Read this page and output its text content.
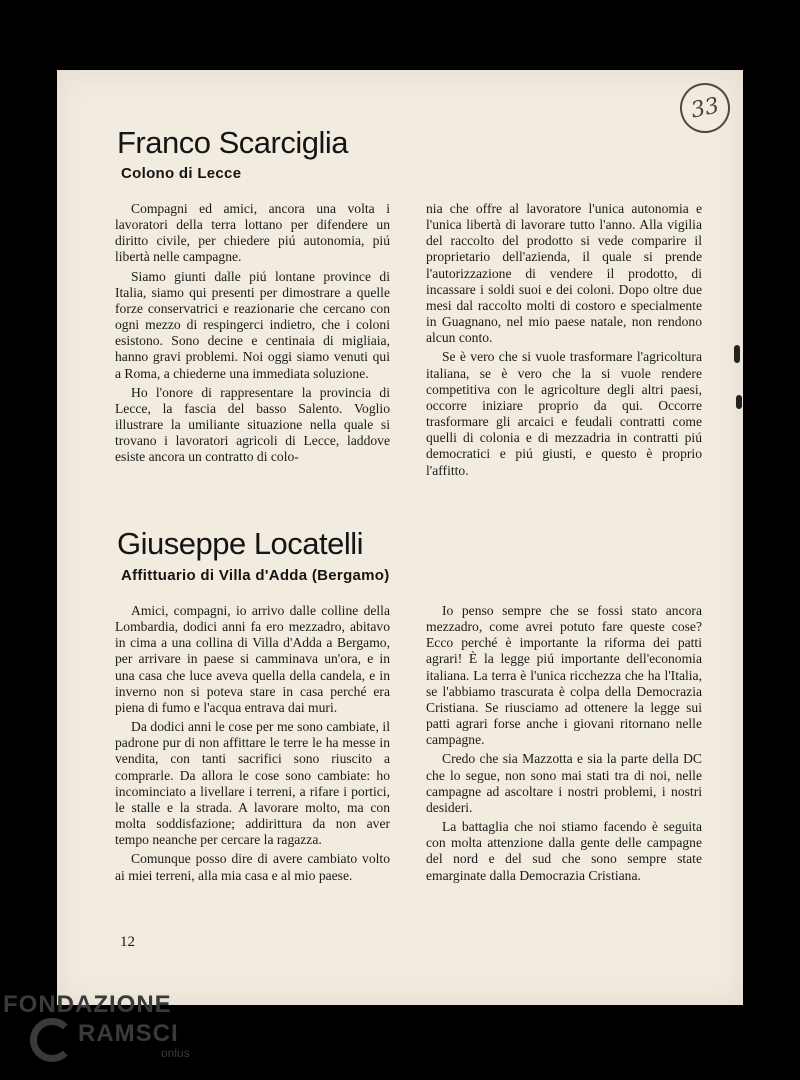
33
Franco Scarciglia
Colono di Lecce

Compagni ed amici, ancora una volta i lavoratori della terra lottano per difendere un diritto civile, per chiedere piú autonomia, piú libertà nelle campagne.

Siamo giunti dalle piú lontane province di Italia, siamo qui presenti per dimostrare a quelle forze conservatrici e reazionarie che cercano con ogni mezzo di respingerci indietro, che i coloni esistono. Sono decine e centinaia di migliaia, hanno gravi problemi. Noi oggi siamo venuti qui a Roma, a chiederne una immediata soluzione.

Ho l'onore di rappresentare la provincia di Lecce, la fascia del basso Salento. Voglio illustrare la umiliante situazione nella quale si trovano i lavoratori agricoli di Lecce, laddove esiste ancora un contratto di colo-

nia che offre al lavoratore l'unica autonomia e l'unica libertà di lavorare tutto l'anno. Alla vigilia del raccolto del prodotto si vede comparire il proprietario dell'azienda, il quale si prende l'autorizzazione di vendere il prodotto, di incassare i soldi suoi e dei coloni. Dopo oltre due mesi dal raccolto molti di costoro e specialmente in Guagnano, nel mio paese natale, non rendono alcun conto.

Se è vero che si vuole trasformare l'agricoltura italiana, se è vero che la si vuole rendere competitiva con le agricolture degli altri paesi, occorre iniziare proprio da qui. Occorre trasformare gli arcaici e feudali contratti come quelli di colonia e di mezzadria in contratti piú democratici e piú giusti, e questo è proprio l'affitto.

Giuseppe Locatelli
Affittuario di Villa d'Adda (Bergamo)

Amici, compagni, io arrivo dalle colline della Lombardia, dodici anni fa ero mezzadro, abitavo in cima a una collina di Villa d'Adda a Bergamo, per arrivare in paese si camminava un'ora, e in una casa che luce aveva quella della candela, e in inverno non si poteva stare in casa perché era piena di fumo e l'acqua entrava dai muri.

Da dodici anni le cose per me sono cambiate, il padrone pur di non affittare le terre le ha messe in vendita, con tanti sacrifici sono riuscito a comprarle. Da allora le cose sono cambiate: ho incominciato a livellare i terreni, a rifare i portici, le stalle e la strada. A lavorare molto, ma con molta soddisfazione; addirittura da non aver tempo neanche per cercare la ragazza.

Comunque posso dire di avere cambiato volto ai miei terreni, alla mia casa e al mio paese.

Io penso sempre che se fossi stato ancora mezzadro, come avrei potuto fare queste cose? Ecco perché è importante la riforma dei patti agrari! È la legge piú importante dell'economia italiana. La terra è l'unica ricchezza che ha l'Italia, se l'abbiamo trascurata è colpa della Democrazia Cristiana. Se riusciamo ad ottenere la legge sui patti agrari forse anche i giovani ritornano nelle campagne.

Credo che sia Mazzotta e sia la parte della DC che lo segue, non sono mai stati tra di noi, nelle campagne ad ascoltare i nostri problemi, i nostri desideri.

La battaglia che noi stiamo facendo è seguita con molta attenzione dalla gente delle campagne del nord e del sud che sono sempre state emarginate dalla Democrazia Cristiana.

12
FONDAZIONE
RAMSCI
onlus
